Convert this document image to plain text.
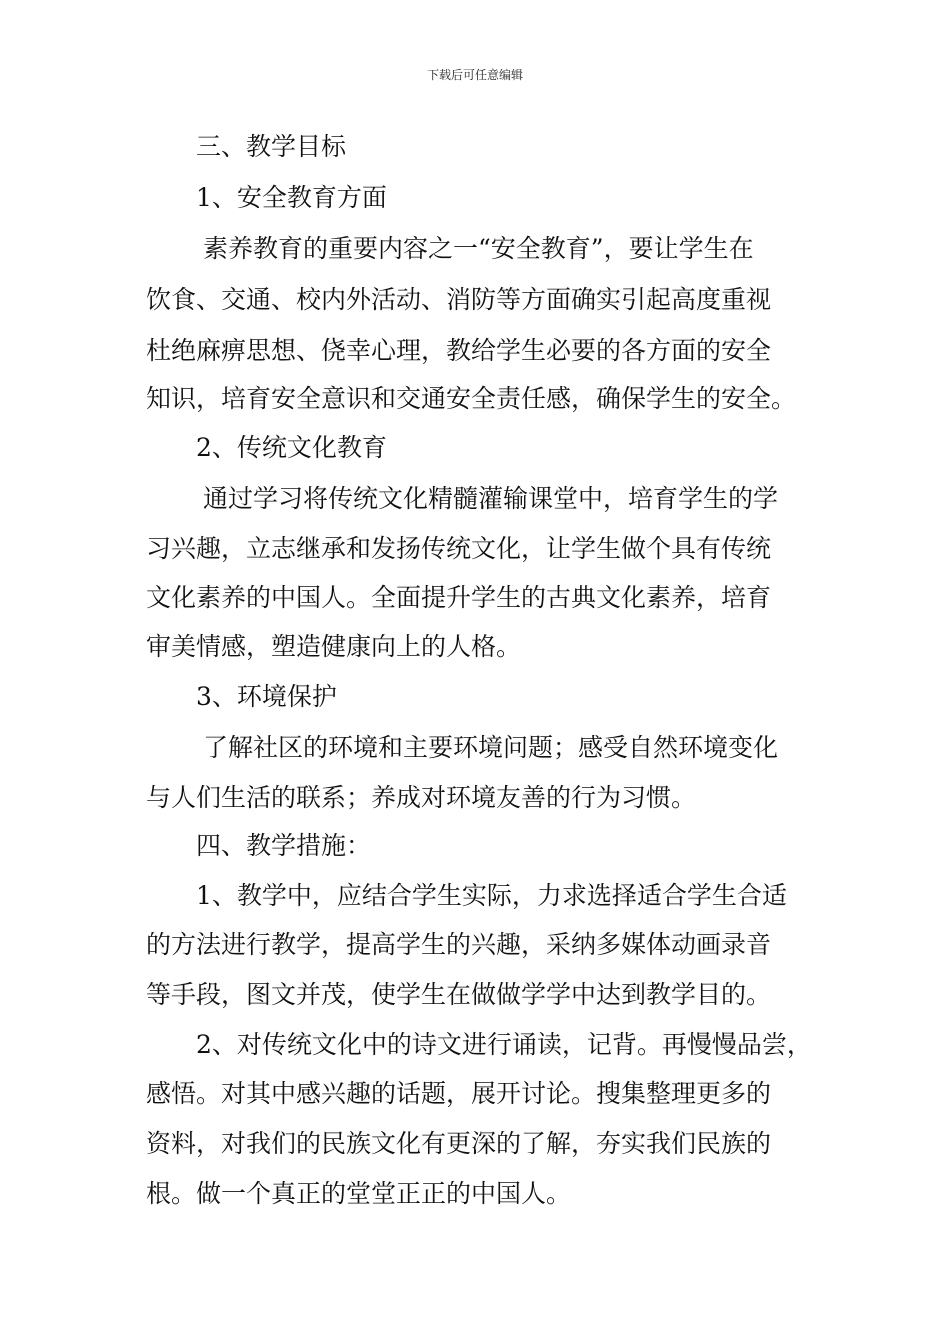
下载后可任意编辑
三、教学目标
1、安全教育方面
素养教育的重要内容之一“安全教育”，要让学生在
饮食、交通、校内外活动、消防等方面确实引起高度重视
杜绝麻痹思想、侥幸心理，教给学生必要的各方面的安全
知识，培育安全意识和交通安全责任感，确保学生的安全。
2、传统文化教育
通过学习将传统文化精髓灌输课堂中，培育学生的学
习兴趣，立志继承和发扬传统文化，让学生做个具有传统
文化素养的中国人。全面提升学生的古典文化素养，培育
审美情感，塑造健康向上的人格。
3、环境保护
了解社区的环境和主要环境问题；感受自然环境变化
与人们生活的联系；养成对环境友善的行为习惯。
四、教学措施：
1、教学中，应结合学生实际，力求选择适合学生合适
的方法进行教学，提高学生的兴趣，采纳多媒体动画录音
等手段，图文并茂，使学生在做做学学中达到教学目的。
2、对传统文化中的诗文进行诵读，记背。再慢慢品尝，
感悟。对其中感兴趣的话题，展开讨论。搜集整理更多的
资料，对我们的民族文化有更深的了解，夯实我们民族的
根。做一个真正的堂堂正正的中国人。
